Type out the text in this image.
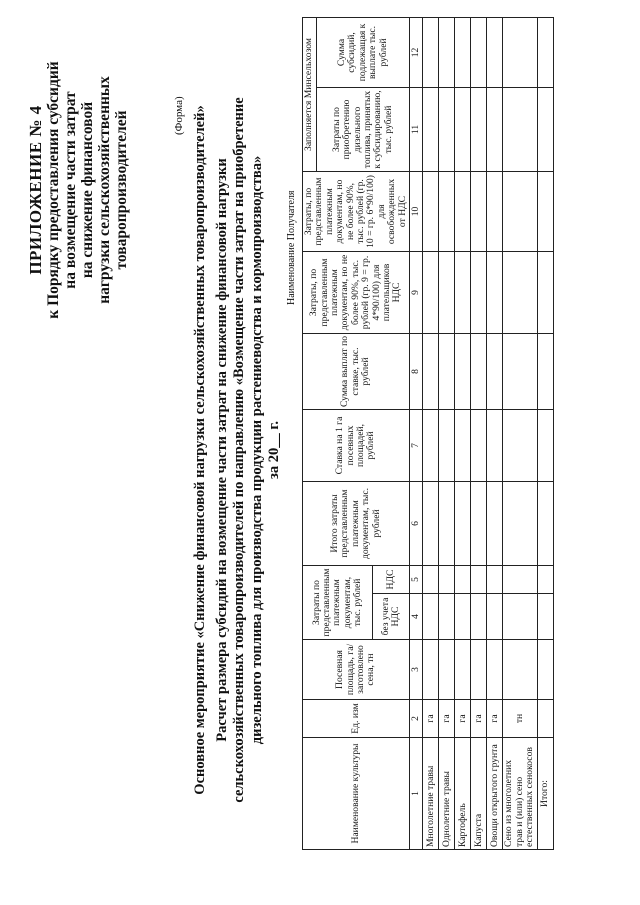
ПРИЛОЖЕНИЕ № 4 к Порядку предоставления субсидий на возмещение части затрат на снижение финансовой нагрузки сельскохозяйственных товаропроизводителей	(Форма) Основное мероприятие «Снижение финансовой нагрузки сельскохозяйственных товаропроизводителей» Расчет размера субсидий на возмещение части затрат на снижение финансовой нагрузки сельскохозяйственных товаропроизводителей по направлению «Возмещение части затрат на приобретение дизельного топлива для производства продукции растениеводства и кормопроизводства» за 20__ г.
Наименование Получателя
Наименование культуры	Ед. изм	Посевная площадь, га/ заготовлено сена, тн	Затраты по представленным платежным документам, тыс. рублей		Итого затраты представленным платежным документам, тыс. рублей	Ставка на 1 га посевных площадей, рублей	Сумма выплат по ставке, тыс. рублей	Затраты, по представленным платежным документам, но не более 90%, тыс. рублей (гр. 9 = гр. 4*90/100) для плательщиков НДС	Затраты, по представленным платежным документам, но не более 90%, тыс. рублей (гр. 10 = гр. 6*90/100) для освобожденных от НДС	Заполняется Минсельхозом	
										Затраты по приобретению дизельного топлива, принятых к субсидированию, тыс. рублей	Сумма субсидий, подлежащая к выплате тыс. рублей
			без учета НДС	НДС							
1	2	3	4	5	6	7	8	9	10	11	12
Многолетние травы	га										
Однолетние травы	га										
Картофель	га										
Капуста	га										
Овощи открытого грунта	га										
Сено из многолетних трав и (или) сено естественных сенокосов	тн										
Итого:											
